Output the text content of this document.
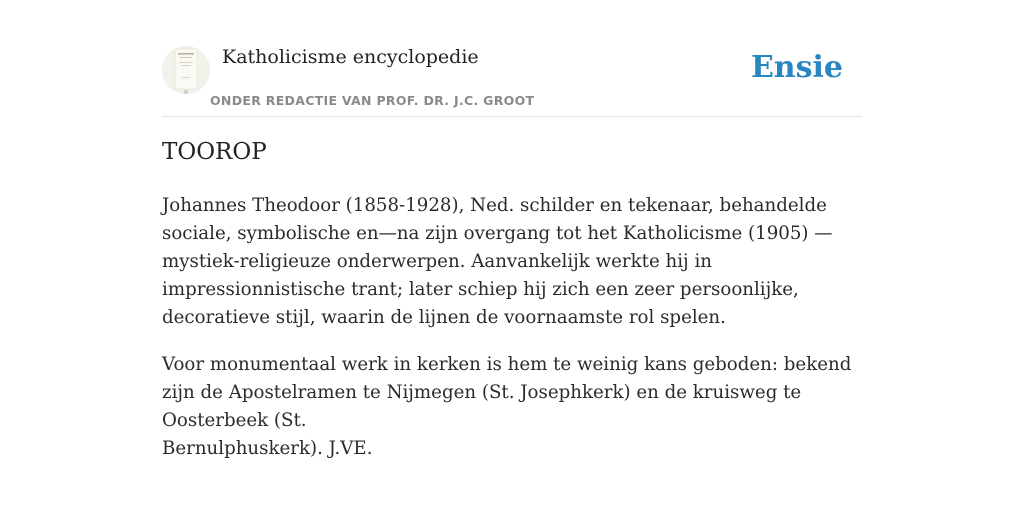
Katholicisme encyclopedie
ONDER REDACTIE VAN PROF. DR. J.C. GROOT
Ensie
TOOROP

Johannes Theodoor (1858-1928), Ned. schilder en tekenaar, behandelde sociale, symbolische en—na zijn overgang tot het Katholicisme (1905) — mystiek-religieuze onderwerpen. Aanvankelijk werkte hij in impressionnistische trant; later schiep hij zich een zeer persoonlijke, decoratieve stijl, waarin de lijnen de voornaamste rol spelen.

Voor monumentaal werk in kerken is hem te weinig kans geboden: bekend zijn de Apostelramen te Nijmegen (St. Josephkerk) en de kruisweg te Oosterbeek (St.

Bernulphuskerk). J.VE.
